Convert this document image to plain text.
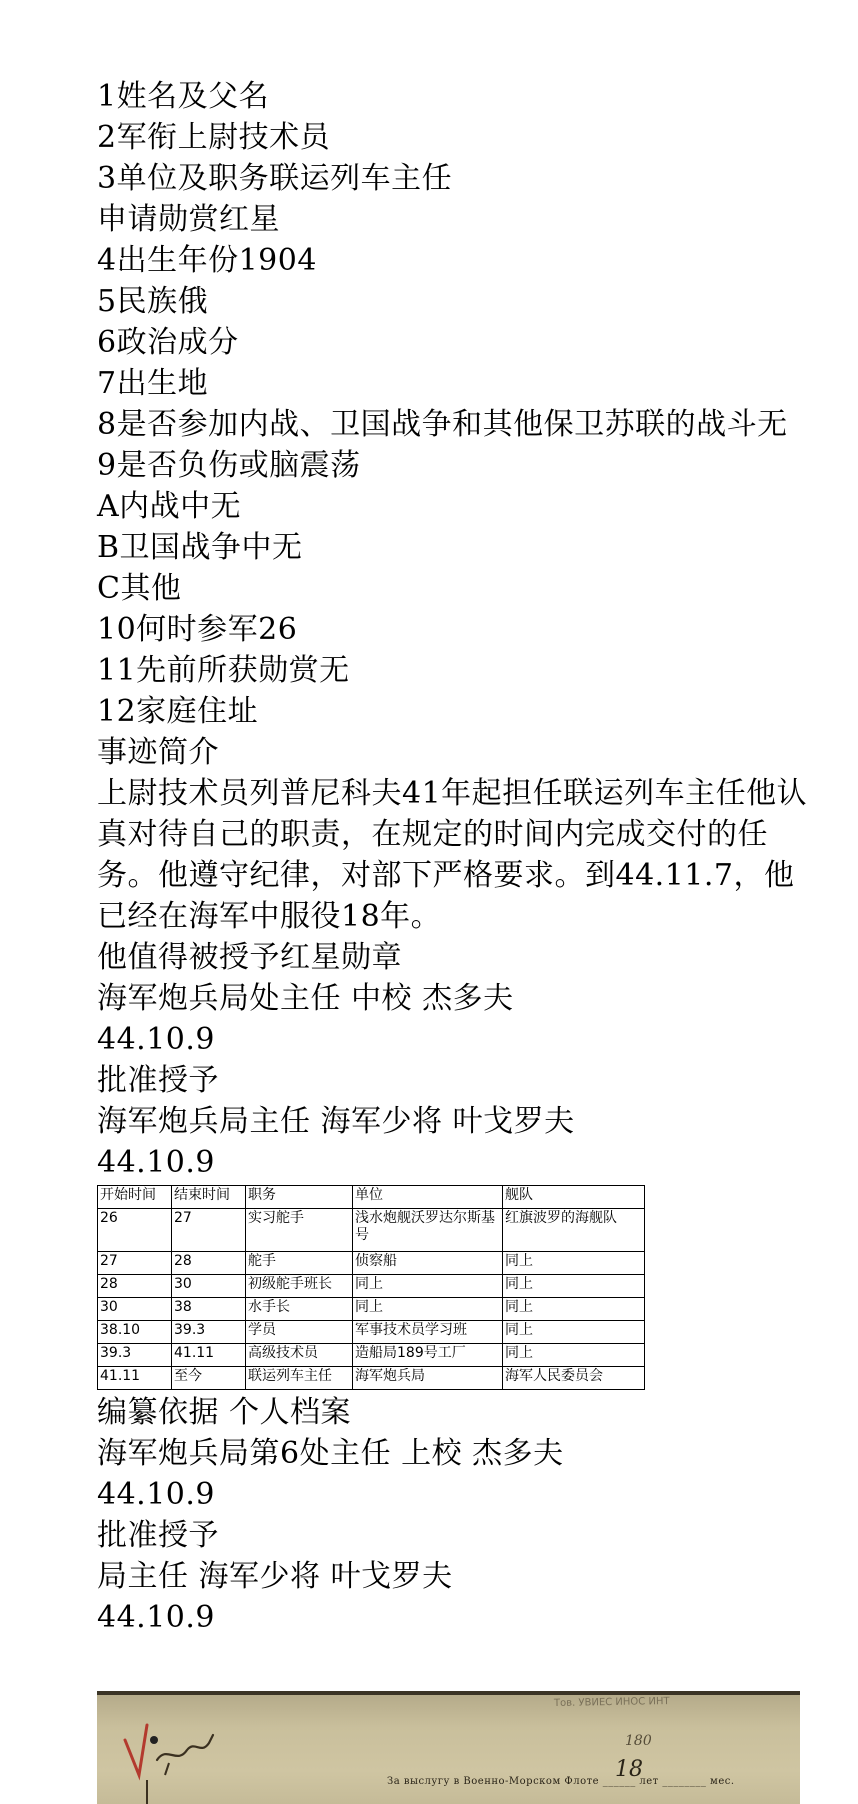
1姓名及父名
2军衔上尉技术员
3单位及职务联运列车主任
申请勋赏红星
4出生年份1904
5民族俄
6政治成分
7出生地
8是否参加内战、卫国战争和其他保卫苏联的战斗无
9是否负伤或脑震荡
A内战中无
B卫国战争中无
C其他
10何时参军26
11先前所获勋赏无
12家庭住址
事迹简介
上尉技术员列普尼科夫41年起担任联运列车主任他认真对待自己的职责，在规定的时间内完成交付的任务。他遵守纪律，对部下严格要求。到44.11.7，他已经在海军中服役18年。
他值得被授予红星勋章
海军炮兵局处主任 中校 杰多夫
44.10.9
批准授予
海军炮兵局主任 海军少将 叶戈罗夫
44.10.9
开始时间	结束时间	职务	单位	舰队
26	27	实习舵手	浅水炮舰沃罗达尔斯基号	红旗波罗的海舰队
27	28	舵手	侦察船	同上
28	30	初级舵手班长	同上	同上
30	38	水手长	同上	同上
38.10	39.3	学员	军事技术员学习班	同上
39.3	41.11	高级技术员	造船局189号工厂	同上
41.11	至今	联运列车主任	海军炮兵局	海军人民委员会
编纂依据 个人档案
海军炮兵局第6处主任 上校 杰多夫
44.10.9
批准授予
局主任 海军少将 叶戈罗夫
44.10.9
Тов. УВИЕС ИНОС ИНТ
180
18
За выслугу в Военно-Морском Флоте ______ лет ________ мес.
